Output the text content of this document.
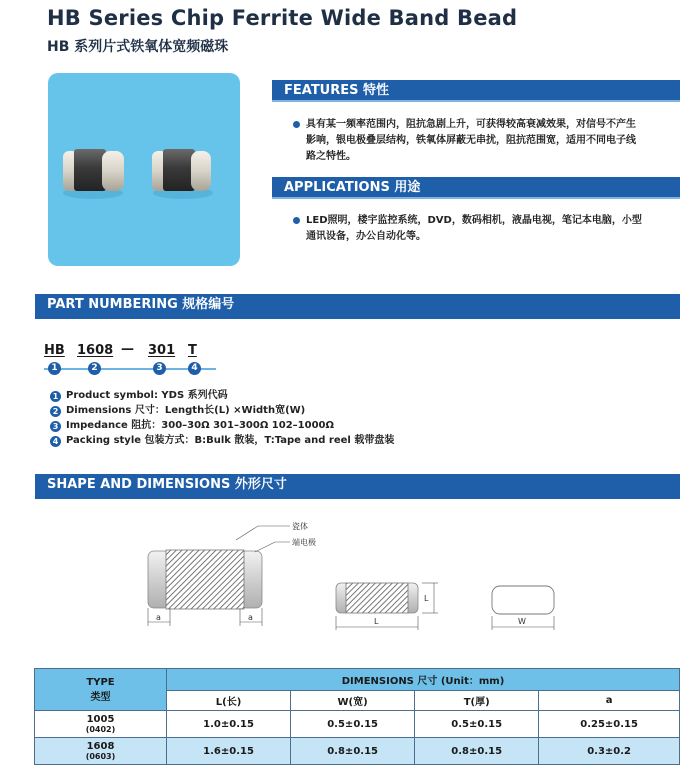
HB Series Chip Ferrite Wide Band Bead
HB 系列片式铁氧体宽频磁珠
FEATURES 特性
具有某一频率范围内，阻抗急剧上升，可获得较高衰减效果，对信号不产生
影响，银电极叠层结构，铁氧体屏蔽无串扰，阻抗范围宽，适用不同电子线
路之特性。
APPLICATIONS 用途
LED照明，楼宇监控系统，DVD，数码相机，液晶电视，笔记本电脑，小型
通讯设备，办公自动化等。
PART NUMBERING 规格编号
HB 1608 — 301 T
1	2	3	4
1 Product symbol: YDS 系列代码
2 Dimensions 尺寸：Length长(L) ×Width宽(W)
3 Impedance 阻抗：300–30Ω 301–300Ω 102–1000Ω
4 Packing style 包装方式：B:Bulk 散装，T:Tape and reel 载带盘装
SHAPE AND DIMENSIONS 外形尺寸
瓷体
端电极
a	a	L
L
W
TYPE
类型	DIMENSIONS 尺寸 (Unit：mm)			
	L(长)	W(宽)	T(厚)	a
1005
(0402)	1.0±0.15	0.5±0.15	0.5±0.15	0.25±0.15
1608
(0603)	1.6±0.15	0.8±0.15	0.8±0.15	0.3±0.2
